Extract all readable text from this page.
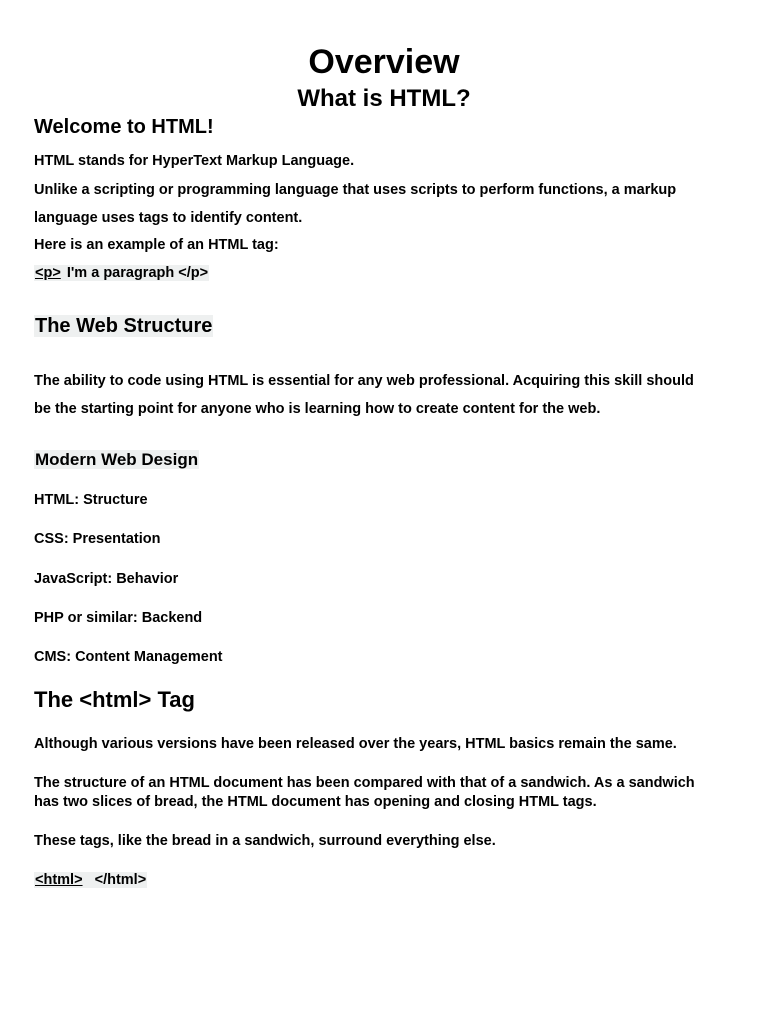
Overview
What is HTML?
Welcome to HTML!
HTML stands for HyperText Markup Language.
Unlike a scripting or programming language that uses scripts to perform functions, a markup language uses tags to identify content.
Here is an example of an HTML tag:
<p> I'm a paragraph </p>
The Web Structure
The ability to code using HTML is essential for any web professional. Acquiring this skill should be the starting point for anyone who is learning how to create content for the web.
Modern Web Design
HTML: Structure
CSS: Presentation
JavaScript: Behavior
PHP or similar: Backend
CMS: Content Management
The <html> Tag
Although various versions have been released over the years, HTML basics remain the same.
The structure of an HTML document has been compared with that of a sandwich. As a sandwich
has two slices of bread, the HTML document has opening and closing HTML tags.
These tags, like the bread in a sandwich, surround everything else.
<html> </html>
